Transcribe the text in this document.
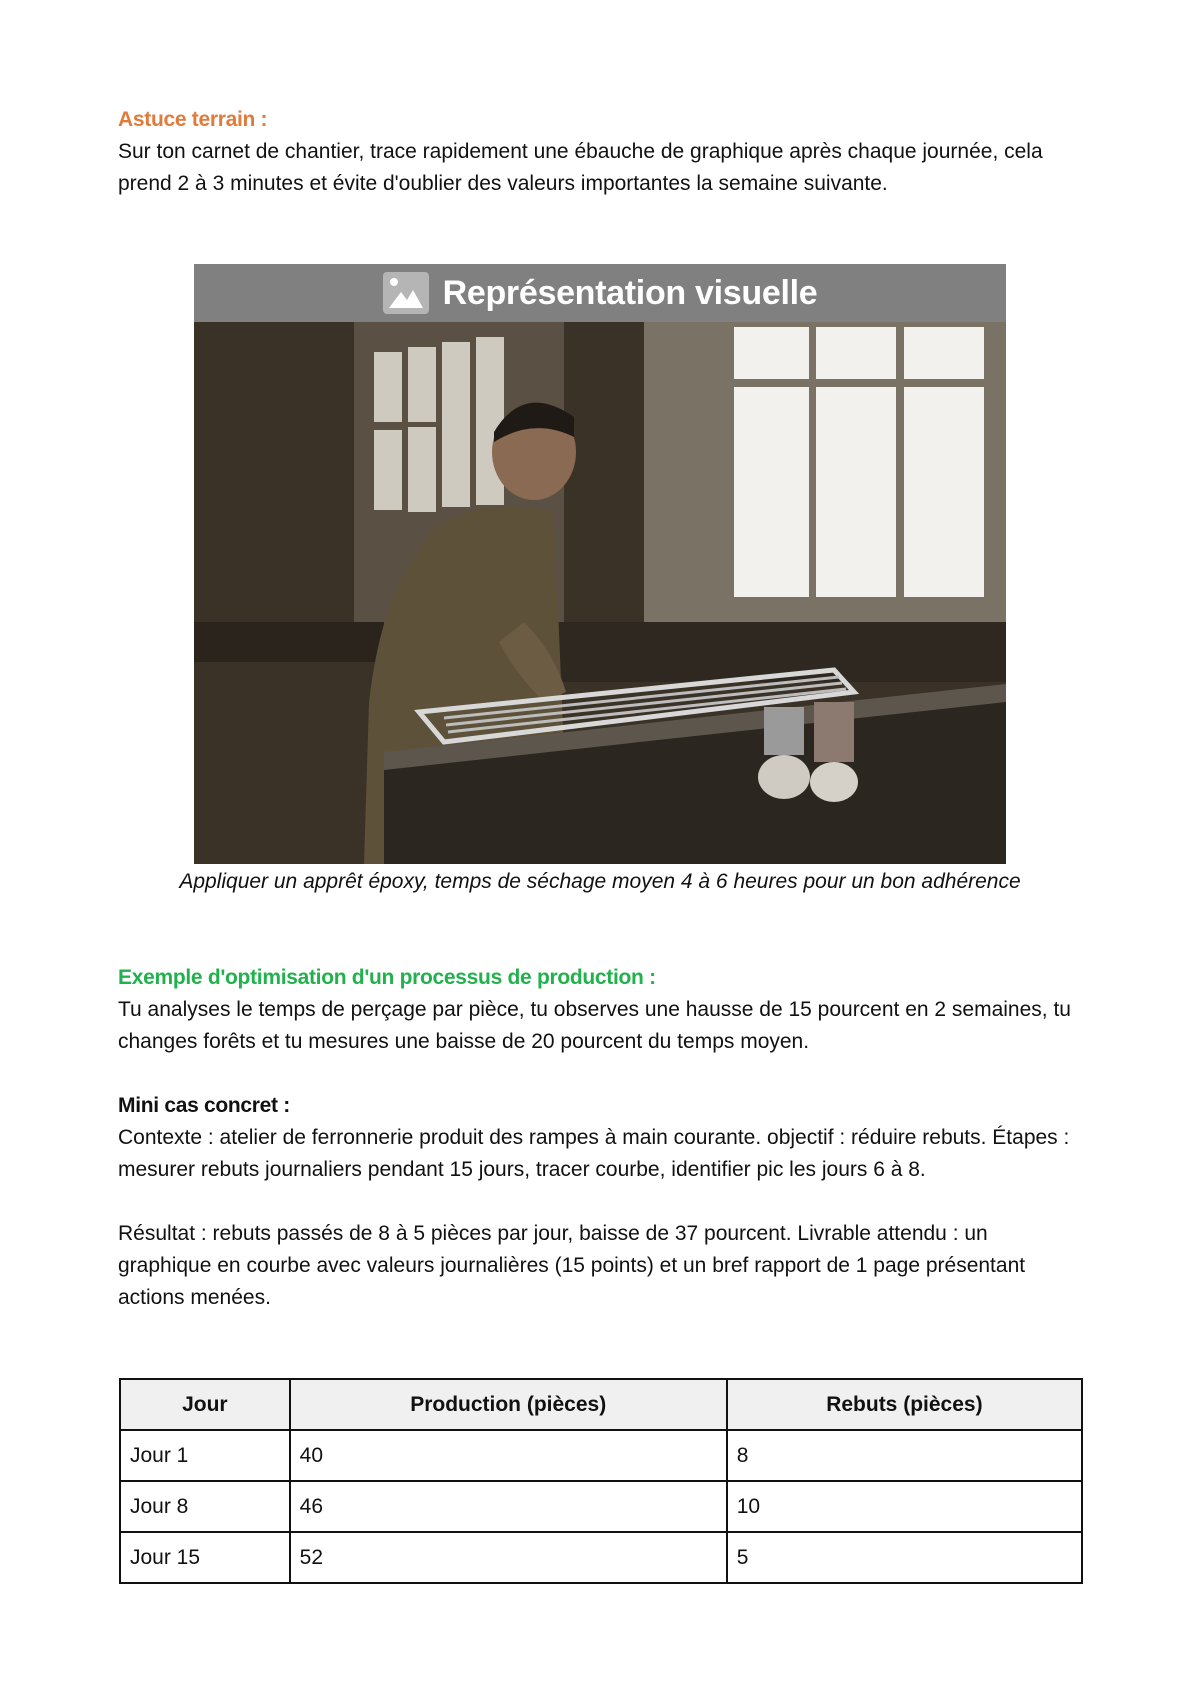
Astuce terrain :

Sur ton carnet de chantier, trace rapidement une ébauche de graphique après chaque journée, cela prend 2 à 3 minutes et évite d'oublier des valeurs importantes la semaine suivante.

Représentation visuelle
Appliquer un apprêt époxy, temps de séchage moyen 4 à 6 heures pour un bon adhérence
Exemple d'optimisation d'un processus de production :

Tu analyses le temps de perçage par pièce, tu observes une hausse de 15 pourcent en 2 semaines, tu changes forêts et tu mesures une baisse de 20 pourcent du temps moyen.

Mini cas concret :

Contexte : atelier de ferronnerie produit des rampes à main courante. objectif : réduire rebuts. Étapes : mesurer rebuts journaliers pendant 15 jours, tracer courbe, identifier pic les jours 6 à 8.

Résultat : rebuts passés de 8 à 5 pièces par jour, baisse de 37 pourcent. Livrable attendu : un graphique en courbe avec valeurs journalières (15 points) et un bref rapport de 1 page présentant actions menées.

Jour	Production (pièces)	Rebuts (pièces)
Jour 1	40	8
Jour 8	46	10
Jour 15	52	5
